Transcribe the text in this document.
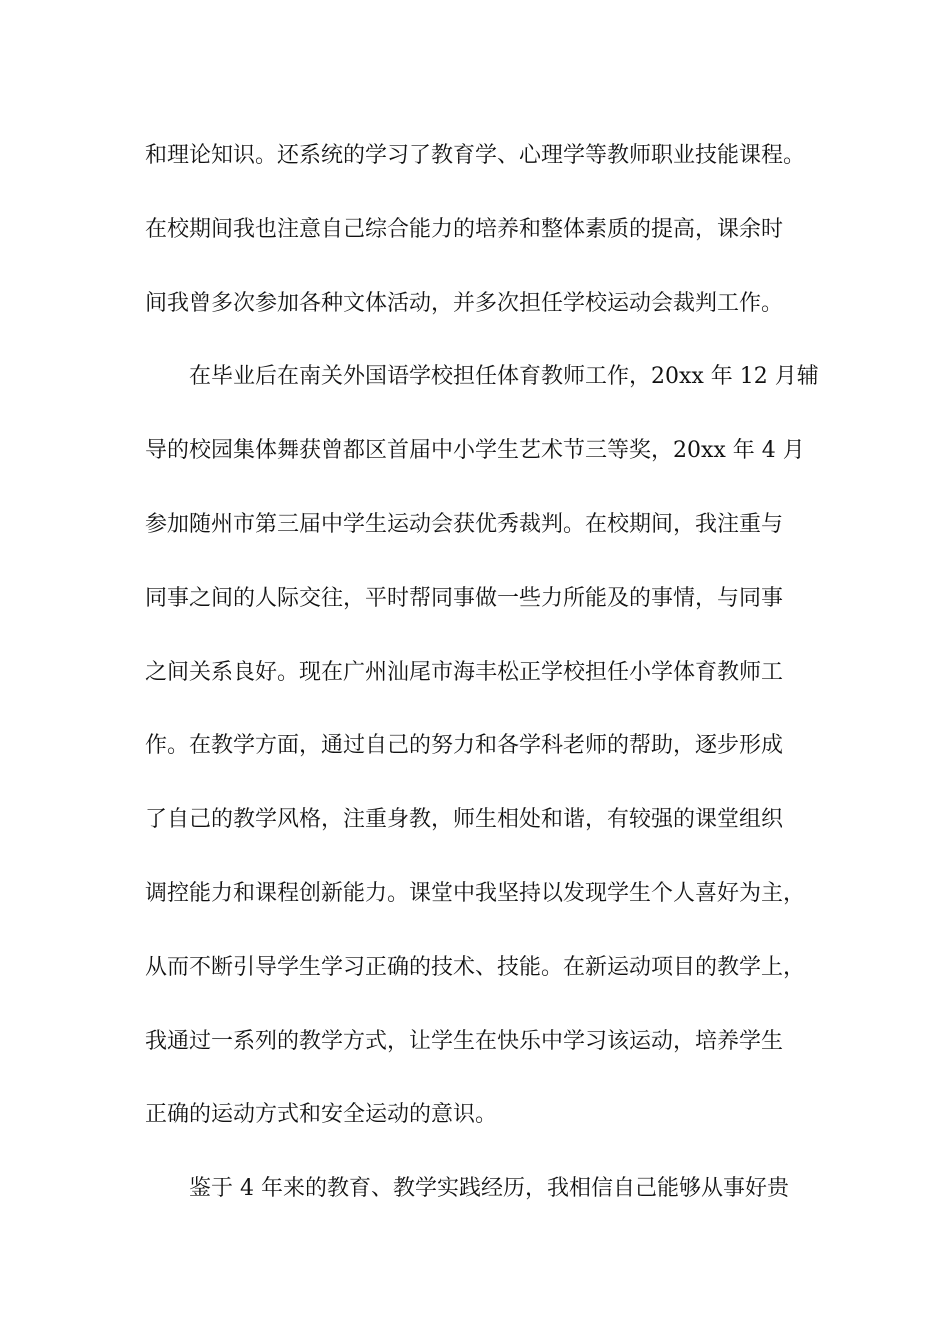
和理论知识。还系统的学习了教育学、心理学等教师职业技能课程。
在校期间我也注意自己综合能力的培养和整体素质的提高，课余时
间我曾多次参加各种文体活动，并多次担任学校运动会裁判工作。
在毕业后在南关外国语学校担任体育教师工作，20xx 年 12 月辅
导的校园集体舞获曾都区首届中小学生艺术节三等奖，20xx 年 4 月
参加随州市第三届中学生运动会获优秀裁判。在校期间，我注重与
同事之间的人际交往，平时帮同事做一些力所能及的事情，与同事
之间关系良好。现在广州汕尾市海丰松正学校担任小学体育教师工
作。在教学方面，通过自己的努力和各学科老师的帮助，逐步形成
了自己的教学风格，注重身教，师生相处和谐，有较强的课堂组织
调控能力和课程创新能力。课堂中我坚持以发现学生个人喜好为主，
从而不断引导学生学习正确的技术、技能。在新运动项目的教学上，
我通过一系列的教学方式，让学生在快乐中学习该运动，培养学生
正确的运动方式和安全运动的意识。
鉴于 4 年来的教育、教学实践经历，我相信自己能够从事好贵
